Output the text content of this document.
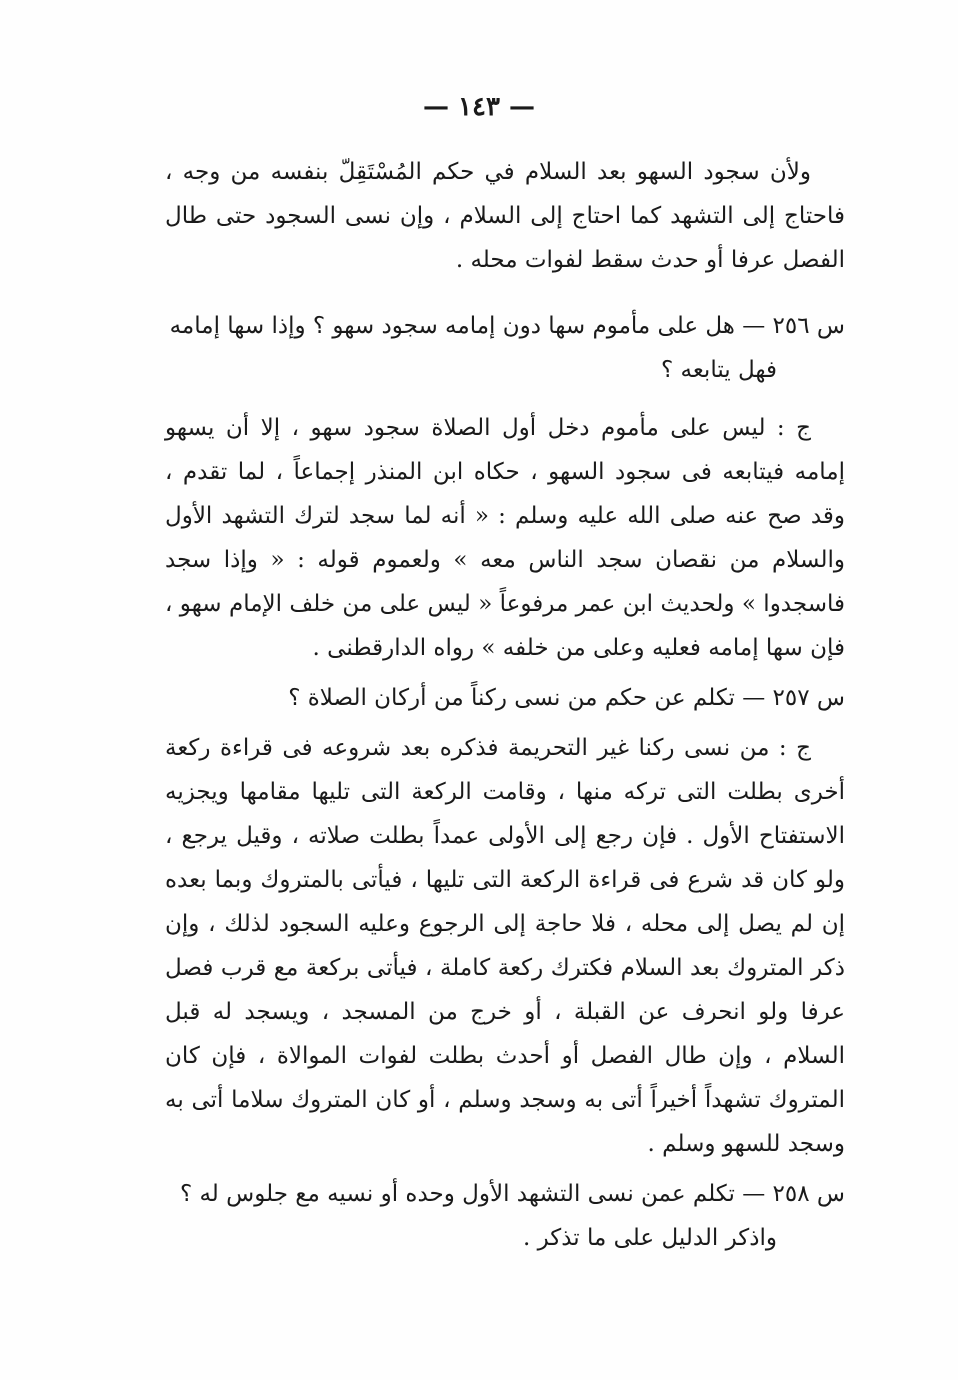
— ١٤٣ —

ولأن سجود السهو بعد السلام في حكم المُسْتَقِلّ بنفسه من وجه ، فاحتاج إلى التشهد كما احتاج إلى السلام ، وإن نسى السجود حتى طال الفصل عرفا أو حدث سقط لفوات محله .

س ٢٥٦ — هل على مأموم سها دون إمامه سجود سهو ؟ وإذا سها إمامه

فهل يتابعه ؟

ج : ليس على مأموم دخل أول الصلاة سجود سهو ، إلا أن يسهو إمامه فيتابعه فى سجود السهو ، حكاه ابن المنذر إجماعاً ، لما تقدم ، وقد صح عنه صلى الله عليه وسلم : « أنه لما سجد لترك التشهد الأول والسلام من نقصان سجد الناس معه » ولعموم قوله : « وإذا سجد فاسجدوا » ولحديث ابن عمر مرفوعاً « ليس على من خلف الإمام سهو ، فإن سها إمامه فعليه وعلى من خلفه » رواه الدارقطنى .

س ٢٥٧ — تكلم عن حكم من نسى ركناً من أركان الصلاة ؟

ج : من نسى ركنا غير التحريمة فذكره بعد شروعه فى قراءة ركعة أخرى بطلت التى تركه منها ، وقامت الركعة التى تليها مقامها ويجزيه الاستفتاح الأول . فإن رجع إلى الأولى عمداً بطلت صلاته ، وقيل يرجع ، ولو كان قد شرع فى قراءة الركعة التى تليها ، فيأتى بالمتروك وبما بعده إن لم يصل إلى محله ، فلا حاجة إلى الرجوع وعليه السجود لذلك ، وإن ذكر المتروك بعد السلام فكترك ركعة كاملة ، فيأتى بركعة مع قرب فصل عرفا ولو انحرف عن القبلة ، أو خرج من المسجد ، ويسجد له قبل السلام ، وإن طال الفصل أو أحدث بطلت لفوات الموالاة ، فإن كان المتروك تشهداً أخيراً أتى به وسجد وسلم ، أو كان المتروك سلاما أتى به وسجد للسهو وسلم .

س ٢٥٨ — تكلم عمن نسى التشهد الأول وحده أو نسيه مع جلوس له ؟

واذكر الدليل على ما تذكر .
